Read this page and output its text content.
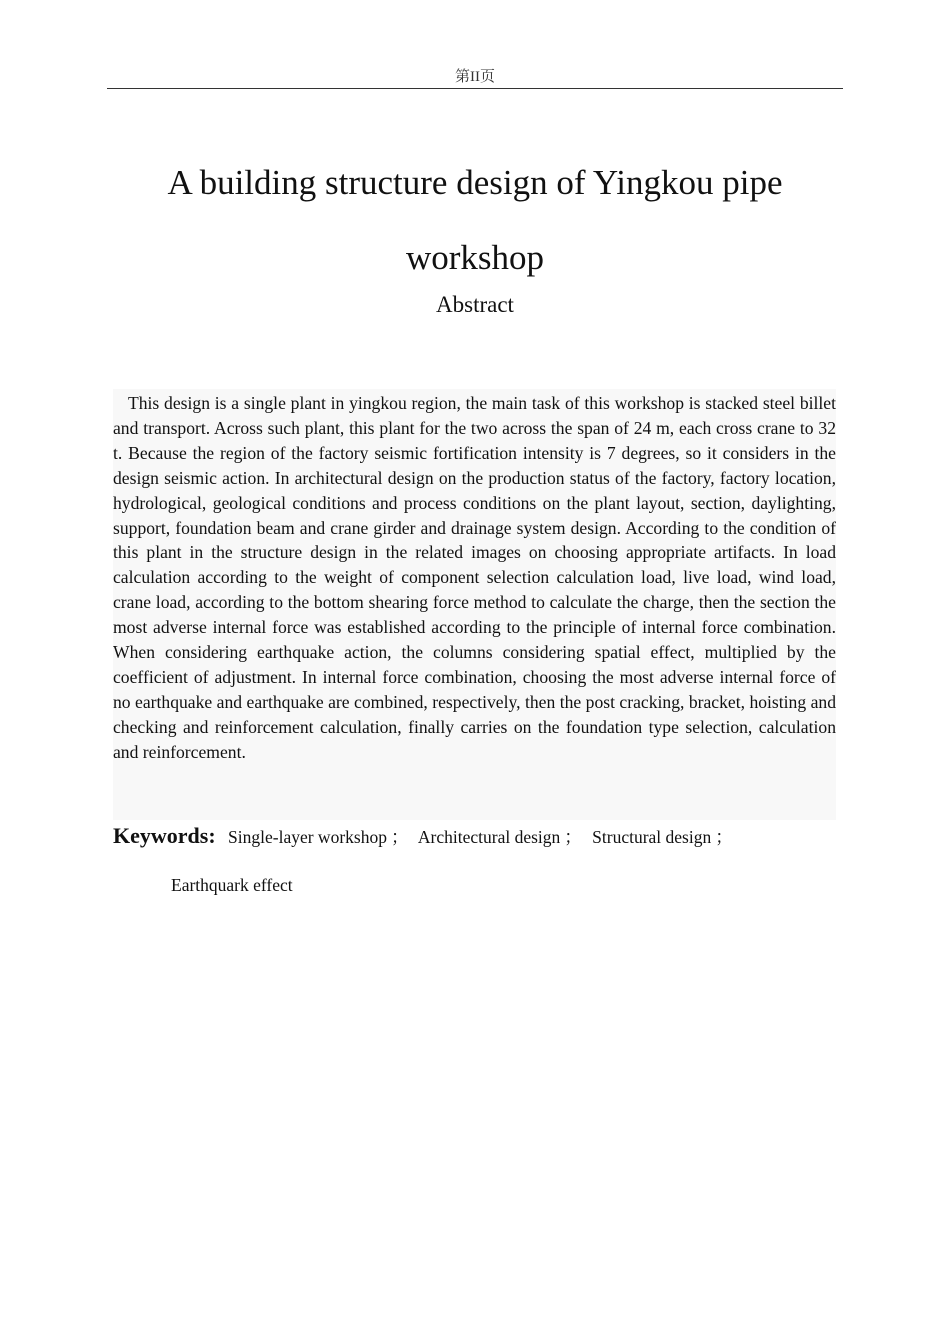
第II页
A building structure design of Yingkou pipe
workshop
Abstract

This design is a single plant in yingkou region, the main task of this workshop is stacked steel billet and transport. Across such plant, this plant for the two across the span of 24 m, each cross crane to 32 t. Because the region of the factory seismic fortification intensity is 7 degrees, so it considers in the design seismic action. In architectural design on the production status of the factory, factory location, hydrological, geological conditions and process conditions on the plant layout, section, daylighting, support, foundation beam and crane girder and drainage system design. According to the condition of this plant in the structure design in the related images on choosing appropriate artifacts. In load calculation according to the weight of component selection calculation load, live load, wind load, crane load, according to the bottom shearing force method to calculate the charge, then the section the most adverse internal force was established according to the principle of internal force combination. When considering earthquake action, the columns considering spatial effect, multiplied by the coefficient of adjustment. In internal force combination, choosing the most adverse internal force of no earthquake and earthquake are combined, respectively, then the post cracking, bracket, hoisting and checking and reinforcement calculation, finally carries on the foundation type selection, calculation and reinforcement.

Keywords: Single-layer workshop ； Architectural design ； Structural design ；
Earthquark effect
